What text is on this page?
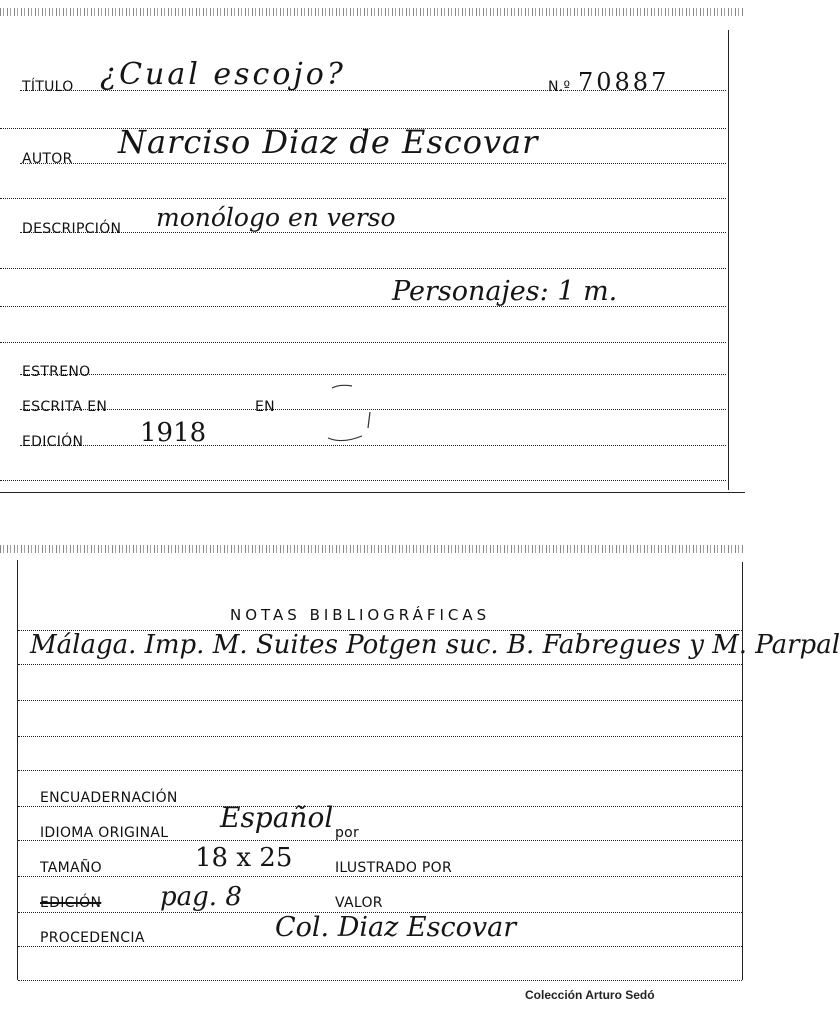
TÍTULO ¿Cual escojo?	N.º 70887
AUTOR Narciso Diaz de Escovar
DESCRIPCIÓN monólogo en verso
Personajes: 1 m.
ESTRENO
ESCRITA EN	EN
EDICIÓN 1918
NOTAS BIBLIOGRÁFICAS
Málaga. Imp. M. Suites Potgen suc. B. Fabregues y M. Parpal
ENCUADERNACIÓN
IDIOMA ORIGINAL Español por
TAMAÑO	18 x 25	ILUSTRADO POR
EDICIÓN pag. 8	VALOR
PROCEDENCIA	Col. Diaz Escovar
Colección Arturo Sedó
